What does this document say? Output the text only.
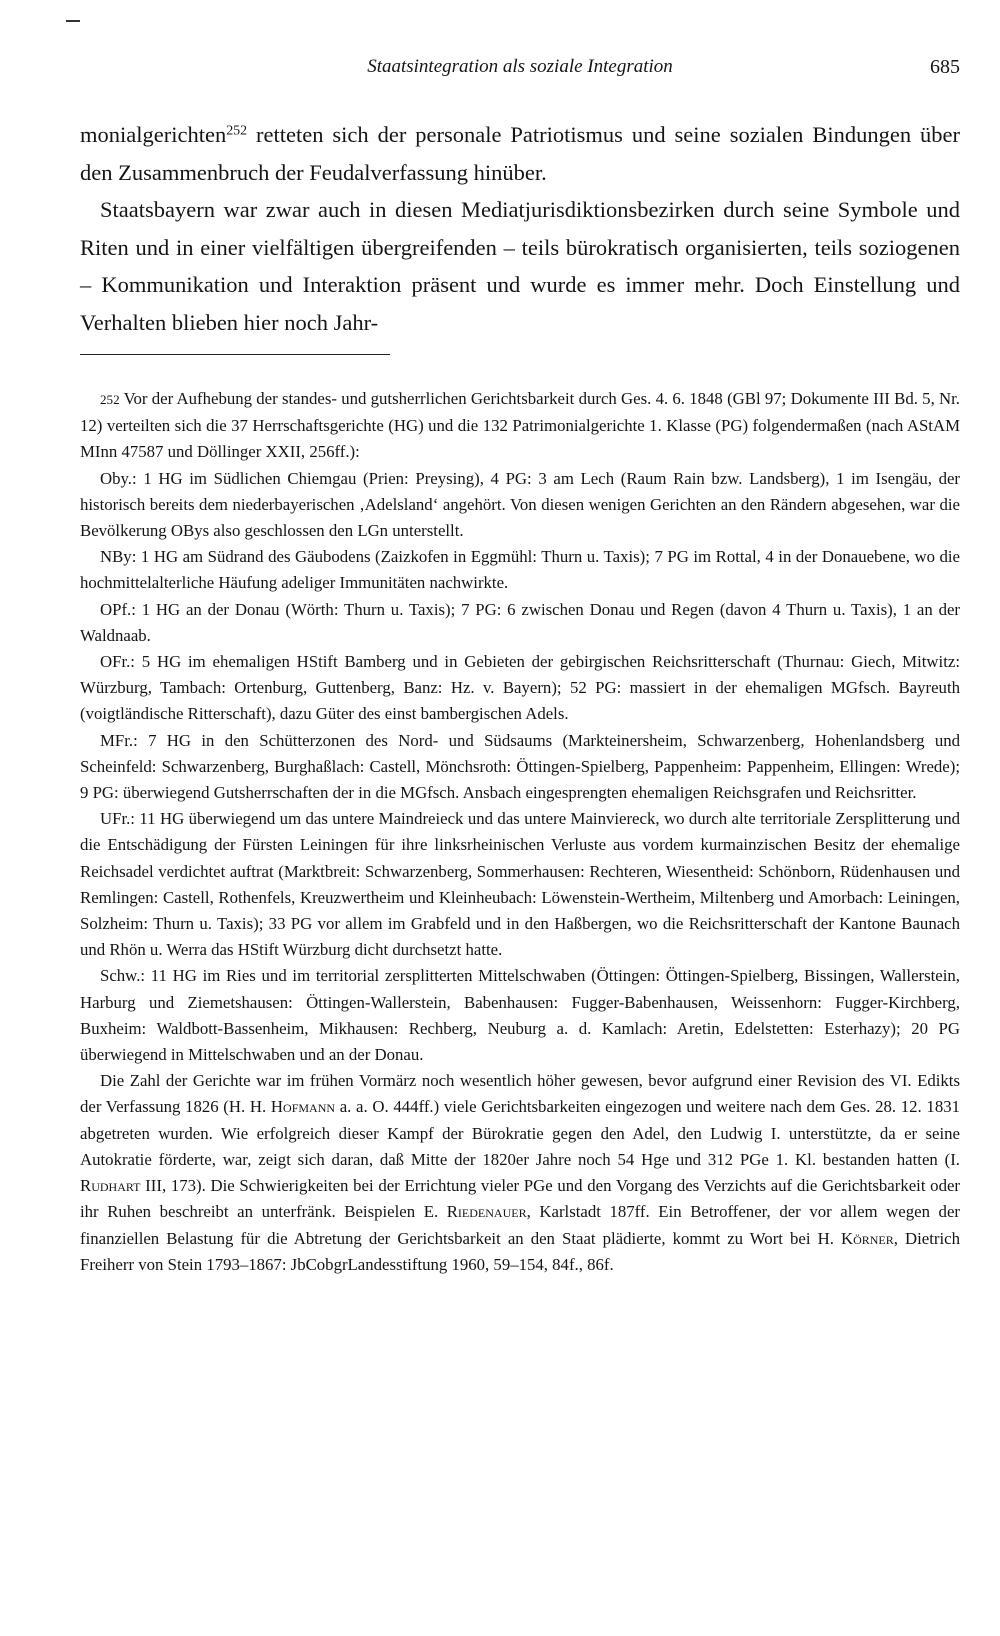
Staatsintegration als soziale Integration	685

monialgerichten$^{252}$ retteten sich der personale Patriotismus und seine sozialen Bindungen über den Zusammenbruch der Feudalverfassung hinüber.

Staatsbayern war zwar auch in diesen Mediatjurisdiktionsbezirken durch seine Symbole und Riten und in einer vielfältigen übergreifenden – teils bürokratisch organisierten, teils soziogenen – Kommunikation und Interaktion präsent und wurde es immer mehr. Doch Einstellung und Verhalten blieben hier noch Jahr-

252 Vor der Aufhebung der standes- und gutsherrlichen Gerichtsbarkeit durch Ges. 4. 6. 1848 (GBl 97; Dokumente III Bd. 5, Nr. 12) verteilten sich die 37 Herrschaftsgerichte (HG) und die 132 Patrimonialgerichte 1. Klasse (PG) folgendermaßen (nach AStAM MInn 47587 und Döllinger XXII, 256ff.):

Oby.: 1 HG im Südlichen Chiemgau (Prien: Preysing), 4 PG: 3 am Lech (Raum Rain bzw. Landsberg), 1 im Isengäu, der historisch bereits dem niederbayerischen ‚Adelsland‘ angehört. Von diesen wenigen Gerichten an den Rändern abgesehen, war die Bevölkerung OBys also geschlossen den LGn unterstellt.

NBy: 1 HG am Südrand des Gäubodens (Zaizkofen in Eggmühl: Thurn u. Taxis); 7 PG im Rottal, 4 in der Donauebene, wo die hochmittelalterliche Häufung adeliger Immunitäten nachwirkte.

OPf.: 1 HG an der Donau (Wörth: Thurn u. Taxis); 7 PG: 6 zwischen Donau und Regen (davon 4 Thurn u. Taxis), 1 an der Waldnaab.

OFr.: 5 HG im ehemaligen HStift Bamberg und in Gebieten der gebirgischen Reichsritterschaft (Thurnau: Giech, Mitwitz: Würzburg, Tambach: Ortenburg, Guttenberg, Banz: Hz. v. Bayern); 52 PG: massiert in der ehemaligen MGfsch. Bayreuth (voigtländische Ritterschaft), dazu Güter des einst bambergischen Adels.

MFr.: 7 HG in den Schütterzonen des Nord- und Südsaums (Markteinersheim, Schwarzenberg, Hohenlandsberg und Scheinfeld: Schwarzenberg, Burghaßlach: Castell, Mönchsroth: Öttingen-Spielberg, Pappenheim: Pappenheim, Ellingen: Wrede); 9 PG: überwiegend Gutsherrschaften der in die MGfsch. Ansbach eingesprengten ehemaligen Reichsgrafen und Reichsritter.

UFr.: 11 HG überwiegend um das untere Maindreieck und das untere Mainviereck, wo durch alte territoriale Zersplitterung und die Entschädigung der Fürsten Leiningen für ihre linksrheinischen Verluste aus vordem kurmainzischen Besitz der ehemalige Reichsadel verdichtet auftrat (Marktbreit: Schwarzenberg, Sommerhausen: Rechteren, Wiesentheid: Schönborn, Rüdenhausen und Remlingen: Castell, Rothenfels, Kreuzwertheim und Kleinheubach: Löwenstein-Wertheim, Miltenberg und Amorbach: Leiningen, Solzheim: Thurn u. Taxis); 33 PG vor allem im Grabfeld und in den Haßbergen, wo die Reichsritterschaft der Kantone Baunach und Rhön u. Werra das HStift Würzburg dicht durchsetzt hatte.

Schw.: 11 HG im Ries und im territorial zersplitterten Mittelschwaben (Öttingen: Öttingen-Spielberg, Bissingen, Wallerstein, Harburg und Ziemetshausen: Öttingen-Wallerstein, Babenhausen: Fugger-Babenhausen, Weissenhorn: Fugger-Kirchberg, Buxheim: Waldbott-Bassenheim, Mikhausen: Rechberg, Neuburg a. d. Kamlach: Aretin, Edelstetten: Esterhazy); 20 PG überwiegend in Mittelschwaben und an der Donau.

Die Zahl der Gerichte war im frühen Vormärz noch wesentlich höher gewesen, bevor aufgrund einer Revision des VI. Edikts der Verfassung 1826 (H. H. Hofmann a. a. O. 444ff.) viele Gerichtsbarkeiten eingezogen und weitere nach dem Ges. 28. 12. 1831 abgetreten wurden. Wie erfolgreich dieser Kampf der Bürokratie gegen den Adel, den Ludwig I. unterstützte, da er seine Autokratie förderte, war, zeigt sich daran, daß Mitte der 1820er Jahre noch 54 Hge und 312 PGe 1. Kl. bestanden hatten (I. Rudhart III, 173). Die Schwierigkeiten bei der Errichtung vieler PGe und den Vorgang des Verzichts auf die Gerichtsbarkeit oder ihr Ruhen beschreibt an unterfränk. Beispielen E. Riedenauer, Karlstadt 187ff. Ein Betroffener, der vor allem wegen der finanziellen Belastung für die Abtretung der Gerichtsbarkeit an den Staat plädierte, kommt zu Wort bei H. Körner, Dietrich Freiherr von Stein 1793–1867: JbCobgrLandesstiftung 1960, 59–154, 84f., 86f.
